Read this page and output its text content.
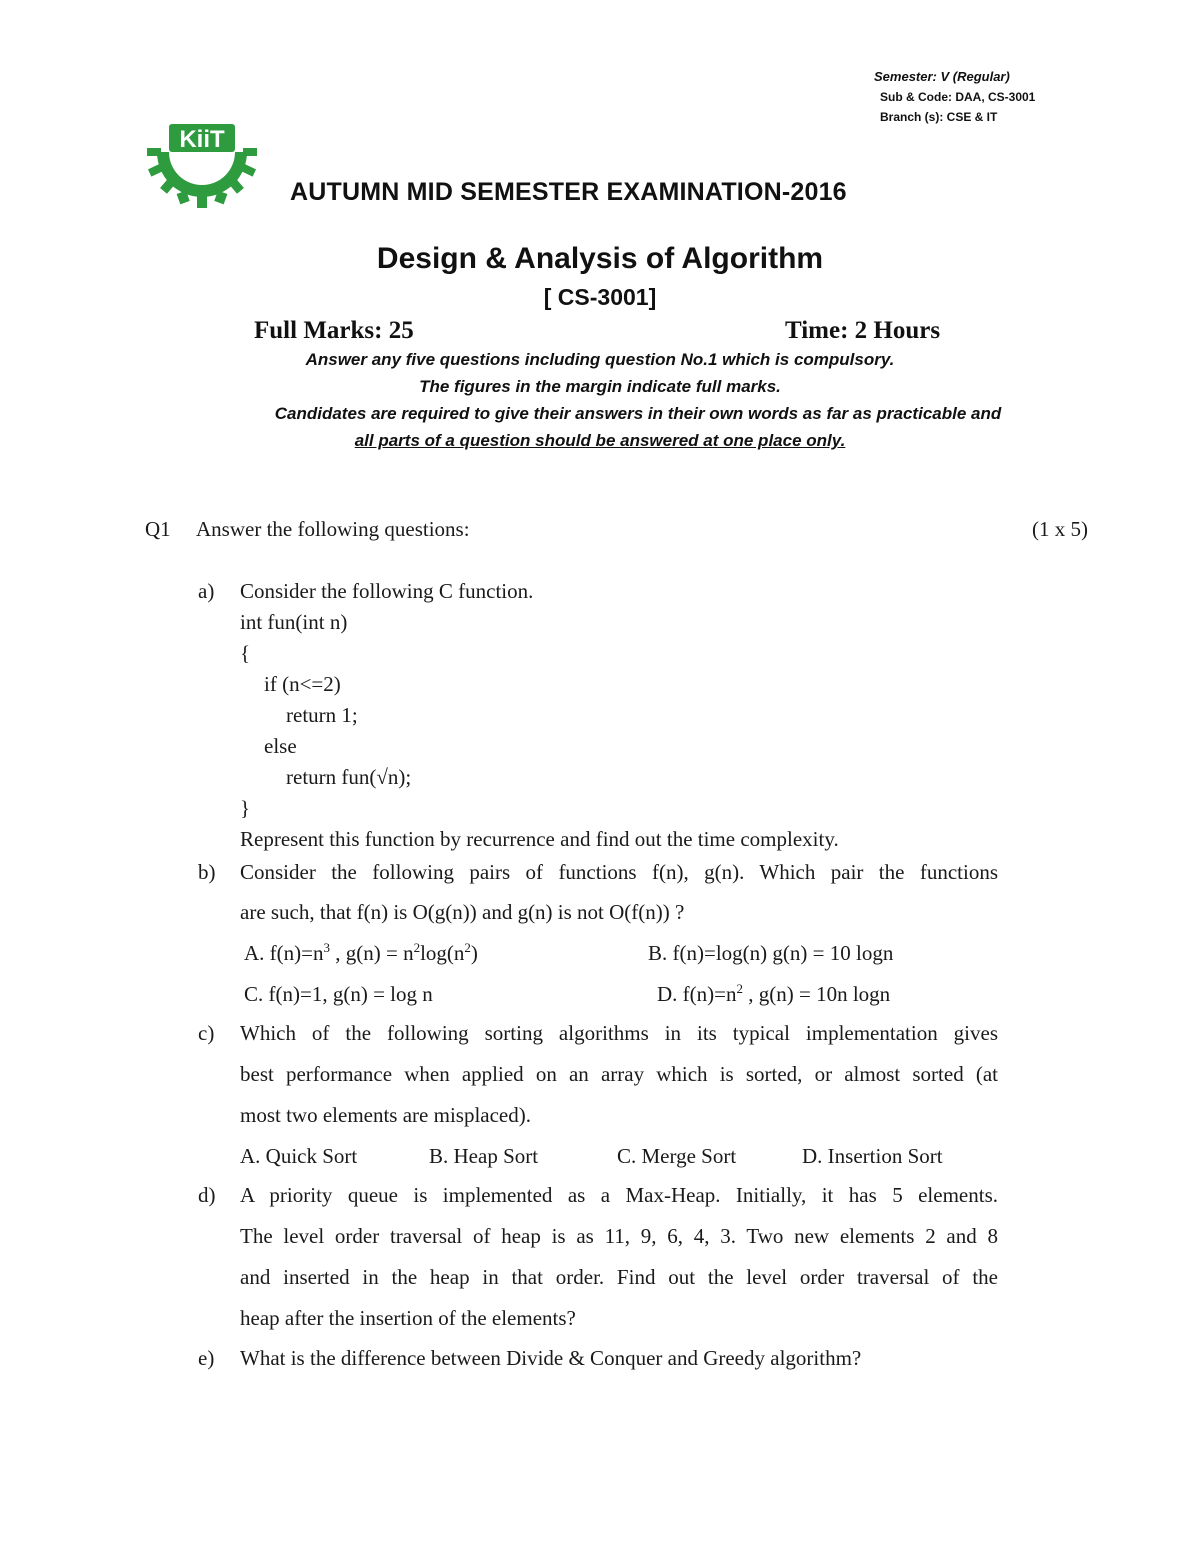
Semester: V (Regular)
Sub & Code: DAA, CS-3001
Branch (s): CSE & IT
KiiT
AUTUMN MID SEMESTER EXAMINATION-2016
Design & Analysis of Algorithm
[ CS-3001]
Full Marks: 25	Time: 2 Hours
Answer any five questions including question No.1 which is compulsory.
The figures in the margin indicate full marks.
Candidates are required to give their answers in their own words as far as practicable and
all parts of a question should be answered at one place only.
Q1 Answer the following questions:	(1 x 5)
a) Consider the following C function.
int fun(int n)
{
if (n<=2)
return 1;
else
return fun(√n);
}
Represent this function by recurrence and find out the time complexity.
b) Consider the following pairs of functions f(n), g(n). Which pair the functions
are such, that f(n) is O(g(n)) and g(n) is not O(f(n)) ?
A. $f(n)=n^3$ , $g(n) = n^2\log(n^2)$	B. f(n)=log(n) g(n) = 10 logn
C. f(n)=1, g(n) = log n	D. $f(n)=n^2$ , g(n) = 10n logn
c) Which of the following sorting algorithms in its typical implementation gives
best performance when applied on an array which is sorted, or almost sorted (at
most two elements are misplaced).
A. Quick Sort	B. Heap Sort	C. Merge Sort	D. Insertion Sort
d) A priority queue is implemented as a Max-Heap. Initially, it has 5 elements.
The level order traversal of heap is as 11, 9, 6, 4, 3. Two new elements 2 and 8
and inserted in the heap in that order. Find out the level order traversal of the
heap after the insertion of the elements?
e) What is the difference between Divide & Conquer and Greedy algorithm?
